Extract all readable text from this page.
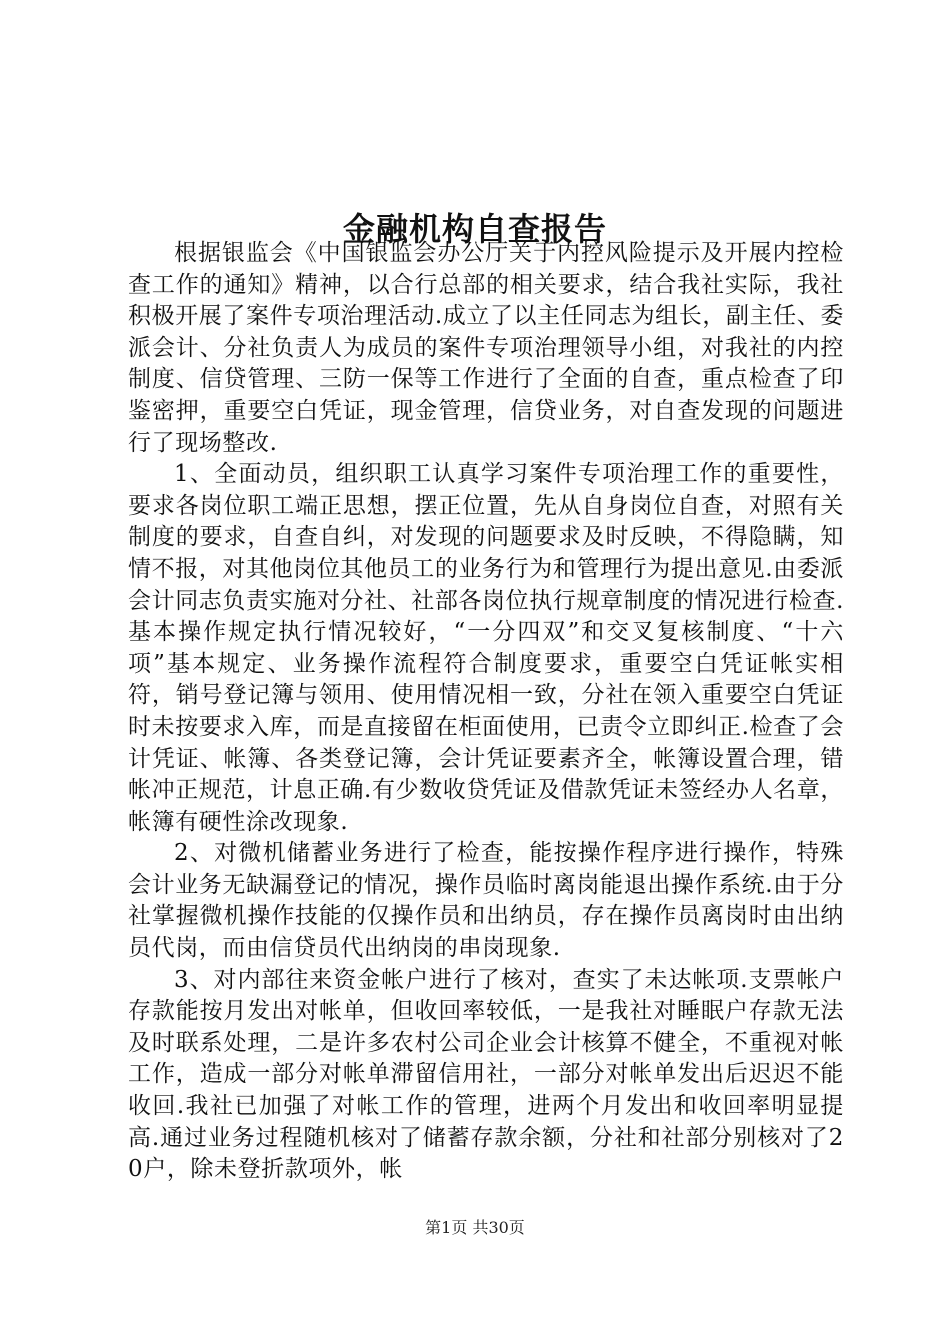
金融机构自查报告

根据银监会《中国银监会办公厅关于内控风险提示及开展内控检查工作的通知》精神，以合行总部的相关要求，结合我社实际，我社积极开展了案件专项治理活动.成立了以主任同志为组长，副主任、委派会计、分社负责人为成员的案件专项治理领导小组，对我社的内控制度、信贷管理、三防一保等工作进行了全面的自查，重点检查了印鉴密押，重要空白凭证，现金管理，信贷业务，对自查发现的问题进行了现场整改.

1、全面动员，组织职工认真学习案件专项治理工作的重要性，要求各岗位职工端正思想，摆正位置，先从自身岗位自查，对照有关制度的要求，自查自纠，对发现的问题要求及时反映，不得隐瞒，知情不报，对其他岗位其他员工的业务行为和管理行为提出意见.由委派会计同志负责实施对分社、社部各岗位执行规章制度的情况进行检查.基本操作规定执行情况较好，“一分四双”和交叉复核制度、“十六项”基本规定、业务操作流程符合制度要求，重要空白凭证帐实相符，销号登记簿与领用、使用情况相一致，分社在领入重要空白凭证时未按要求入库，而是直接留在柜面使用，已责令立即纠正.检查了会计凭证、帐簿、各类登记簿，会计凭证要素齐全，帐簿设置合理，错帐冲正规范，计息正确.有少数收贷凭证及借款凭证未签经办人名章，帐簿有硬性涂改现象.

2、对微机储蓄业务进行了检查，能按操作程序进行操作，特殊会计业务无缺漏登记的情况，操作员临时离岗能退出操作系统.由于分社掌握微机操作技能的仅操作员和出纳员，存在操作员离岗时由出纳员代岗，而由信贷员代出纳岗的串岗现象.

3、对内部往来资金帐户进行了核对，查实了未达帐项.支票帐户存款能按月发出对帐单，但收回率较低，一是我社对睡眠户存款无法及时联系处理，二是许多农村公司企业会计核算不健全，不重视对帐工作，造成一部分对帐单滞留信用社，一部分对帐单发出后迟迟不能收回.我社已加强了对帐工作的管理，进两个月发出和收回率明显提高.通过业务过程随机核对了储蓄存款余额，分社和社部分别核对了20户，除未登折款项外，帐

第1页 共30页
